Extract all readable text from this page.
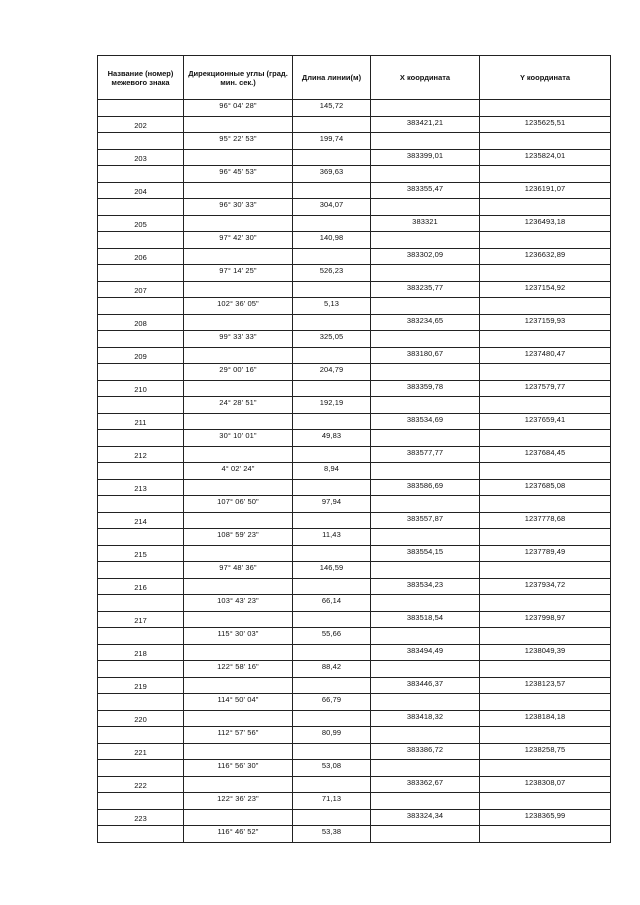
Название (номер) межевого знака	Дирекционные углы (град. мин. сек.)	Длина линии(м)	Х координата	Y координата
	96° 04' 28"	145,72		
202			383421,21	1235625,51
	95° 22' 53"	199,74		
203			383399,01	1235824,01
	96° 45' 53"	369,63		
204			383355,47	1236191,07
	96° 30' 33"	304,07		
205			383321	1236493,18
	97° 42' 30"	140,98		
206			383302,09	1236632,89
	97° 14' 25"	526,23		
207			383235,77	1237154,92
	102° 36' 05"	5,13		
208			383234,65	1237159,93
	99° 33' 33"	325,05		
209			383180,67	1237480,47
	29° 00' 16"	204,79		
210			383359,78	1237579,77
	24° 28' 51"	192,19		
211			383534,69	1237659,41
	30° 10' 01"	49,83		
212			383577,77	1237684,45
	4° 02' 24"	8,94		
213			383586,69	1237685,08
	107° 06' 50"	97,94		
214			383557,87	1237778,68
	108° 59' 23"	11,43		
215			383554,15	1237789,49
	97° 48' 36"	146,59		
216			383534,23	1237934,72
	103° 43' 23"	66,14		
217			383518,54	1237998,97
	115° 30' 03"	55,66		
218			383494,49	1238049,39
	122° 58' 16"	88,42		
219			383446,37	1238123,57
	114° 50' 04"	66,79		
220			383418,32	1238184,18
	112° 57' 56"	80,99		
221			383386,72	1238258,75
	116° 56' 30"	53,08		
222			383362,67	1238308,07
	122° 36' 23"	71,13		
223			383324,34	1238365,99
	116° 46' 52"	53,38		
